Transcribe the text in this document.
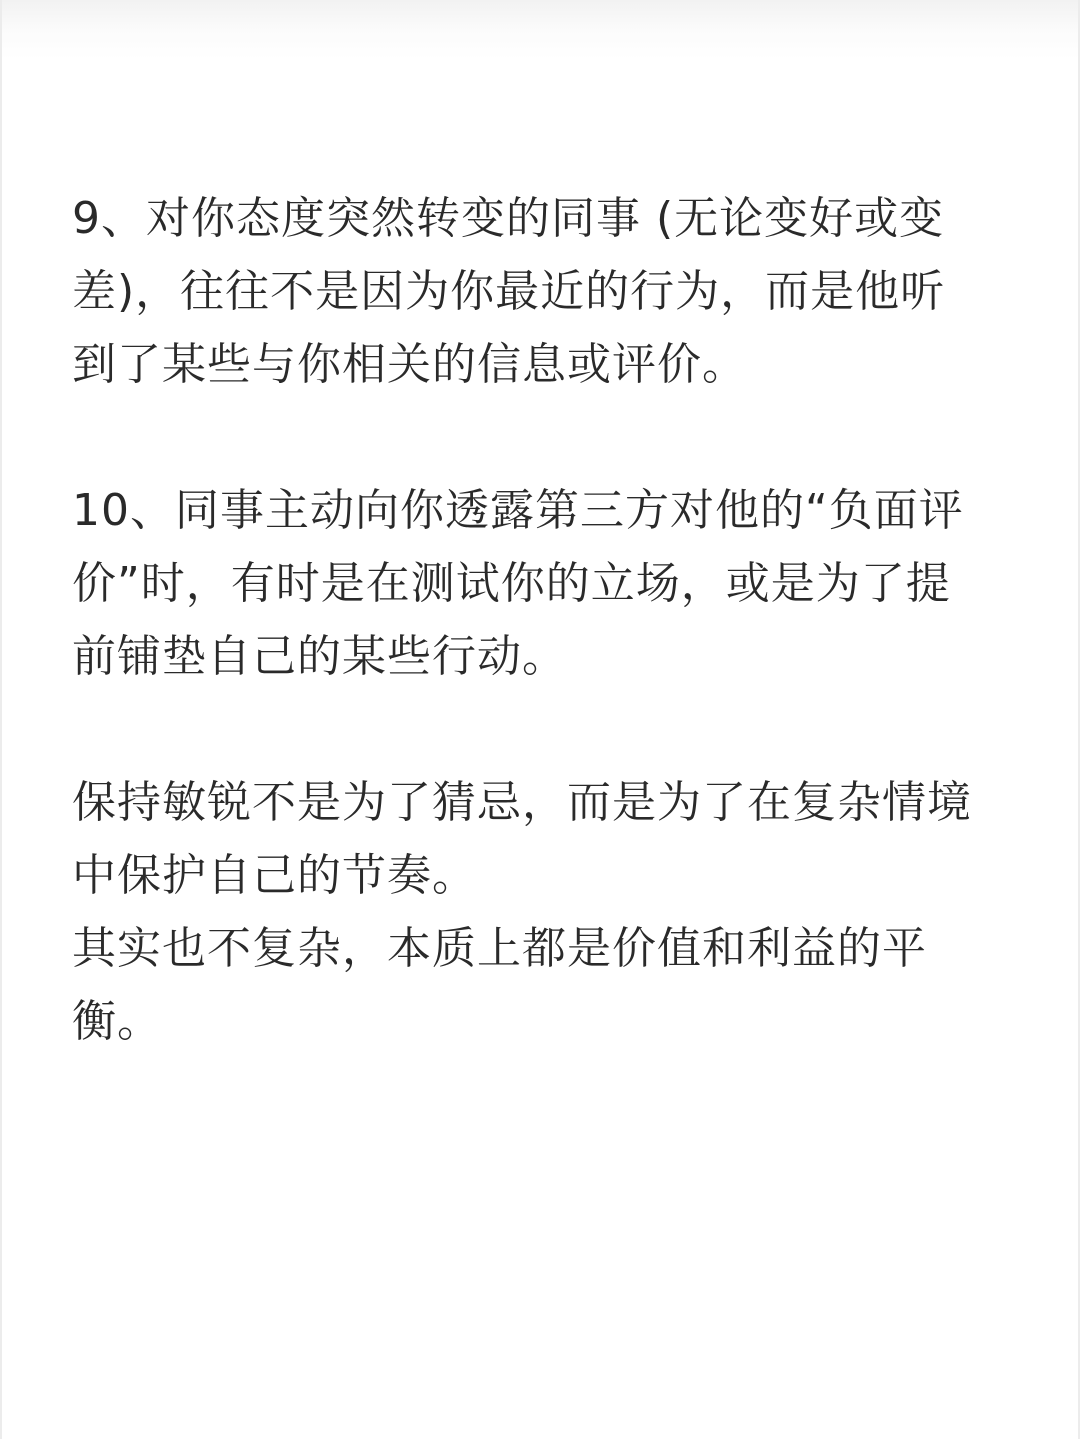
9、对你态度突然转变的同事 (无论变好或变
差)，往往不是因为你最近的行为，而是他听
到了某些与你相关的信息或评价。
10、同事主动向你透露第三方对他的“负面评
价”时，有时是在测试你的立场，或是为了提
前铺垫自己的某些行动。
保持敏锐不是为了猜忌，而是为了在复杂情境
中保护自己的节奏。
其实也不复杂，本质上都是价值和利益的平
衡。
